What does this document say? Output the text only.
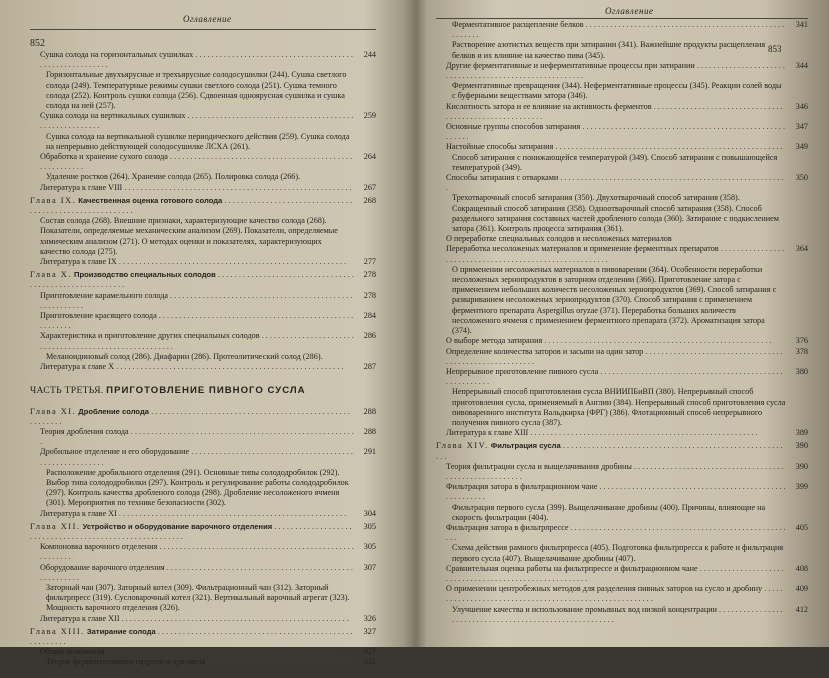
Оглавление
852
Сушка солода на горизонтальных сушилках . . .	244
Горизонтальные двухъярусные и трехъярусные солодосушилки (244). Сушка светлого солода (249). Температурные режимы сушки светлого солода (251). Сушка темного солода (252). Контроль сушки солода (256). Сдвоенная одноярусная сушилка и сушка солода на ней (257).
Сушка солода на вертикальных сушилках . . .	259
Сушка солода на вертикальной сушилке периодического действия (259). Сушка солода на непрерывно действующей солодосушилке ЛСХА (261).
Обработка и хранение сухого солода . . .	264
Удаление ростков (264). Хранение солода (265). Полировка солода (266).
Литература к главе VIII . . .	267
Глава IX. Качественная оценка готового солода . . .	268
Состав солода (268). Внешние признаки, характеризующие качество солода (268). Показатели, определяемые механическим анализом (269). Показатели, определяемые химическим анализом (271). О методах оценки и показателях, характеризующих качество солода (275).
Литература к главе IX . . .	277
Глава X. Производство специальных солодов . . .	278
Приготовление карамельного солода . . .	278
Приготовление красящего солода . . .	284
Характеристика и приготовление других специальных солодов . . .	286
Меланоидиновый солод (286). Диафарин (286). Протеолитический солод (286).
Литература к главе X . . .	287
ЧАСТЬ ТРЕТЬЯ. ПРИГОТОВЛЕНИЕ ПИВНОГО СУСЛА
Глава XI. Дробление солода . . .	288
Теория дробления солода . . .	288
Дробильное отделение и его оборудование . . .	291
Расположение дробильного отделения (291). Основные типы солододробилок (292). Выбор типа солододробилки (297). Контроль и регулирование работы солододробилок (297). Контроль качества дробленого солода (298). Дробление несоложеного ячменя (301). Мероприятия по технике безопасности (302).
Литература к главе XI . . .	304
Глава XII. Устройство и оборудование варочного отделения . . .	305
Компоновка варочного отделения . . .	305
Оборудование варочного отделения . . .	307
Заторный чан (307). Заторный котел (309). Фильтрационный чан (312). Заторный фильтрпресс (319). Сусловарочный котел (321). Вертикальный варочный агрегат (323). Мощность варочного отделения (326).
Литература к главе XII . . .	326
Глава XIII. Затирание солода . . .	327
Общие положения . . .	327
Теория ферментативного гидролиза крахмала . . .	331
Оглавление
853
Ферментативное расщепление белков . . .	341
Растворение азотистых веществ при затирании (341). Важнейшие продукты расщепления белков и их влияние на качество пива (345).
Другие ферментативные и неферментативные процессы при затирании . . .	344
Ферментативные превращения (344). Неферментативные процессы (345). Реакции солей воды с буферными веществами затора (346).
Кислотность затора и ее влияние на активность ферментов . . .	346
Основные группы способов затирания . . .	347
Настойные способы затирания . . .	349
Способ затирания с понижающейся температурой (349). Способ затирания с повышающейся температурой (349).
Способы затирания с отварками . . .	350
Трехотварочный способ затирания (350). Двухотварочный способ затирания (358). Сокращенный способ затирания (358). Одноотварочный способ затирания (358). Способ раздельного затирания составных частей дробленого солода (360). Затирание с подкислением затора (361). Контроль процесса затирания (361).
О переработке специальных солодов и несоложеных материалов
Переработка несоложеных материалов и применение ферментных препаратов . . .	364
О применении несоложеных материалов в пивоварении (364). Особенности переработки несоложеных зернопродуктов в заторном отделении (366). Приготовление затора с применением небольших количеств несоложеных зернопродуктов (369). Способ затирания с развариванием несоложеных зернопродуктов (370). Способ затирания с применением ферментного препарата Aspergillus oryzae (371). Переработка больших количеств несоложеного ячменя с применением ферментного препарата (372). Ароматизация затора (374).
О выборе метода затирания . . .	376
Определение количества заторов и засыпи на один затор . . .	378
Непрерывное приготовление пивного сусла . . .	380
Непрерывный способ приготовления сусла ВНИИПБиВП (380). Непрерывный способ приготовления сусла, применяемый в Англии (384). Непрерывный способ приготовления сусла пивоваренного института Вальдкирха (ФРГ) (386). Флотационный способ непрерывного получения пивного сусла (387).
Литература к главе XIII . . .	389
Глава XIV. Фильтрация сусла . . .	390
Теория фильтрации сусла и выщелачивания дробины . . .	390
Фильтрация затора в фильтрационном чане . . .	399
Фильтрация первого сусла (399). Выщелачивание дробины (400). Причины, влияющие на скорость фильтрации (404).
Фильтрация затора в фильтрпрессе . . .	405
Схема действия рамного фильтрпресса (405). Подготовка фильтрпресса к работе и фильтрация первого сусла (407). Выщелачивание дробины (407).
Сравнительная оценка работы на фильтрпрессе и фильтрационном чане . . .	408
О применении центробежных методов для разделения пивных заторов на сусло и дробину . . .	409
Улучшение качества и использование промывных вод низкой концентрации . . .	412
